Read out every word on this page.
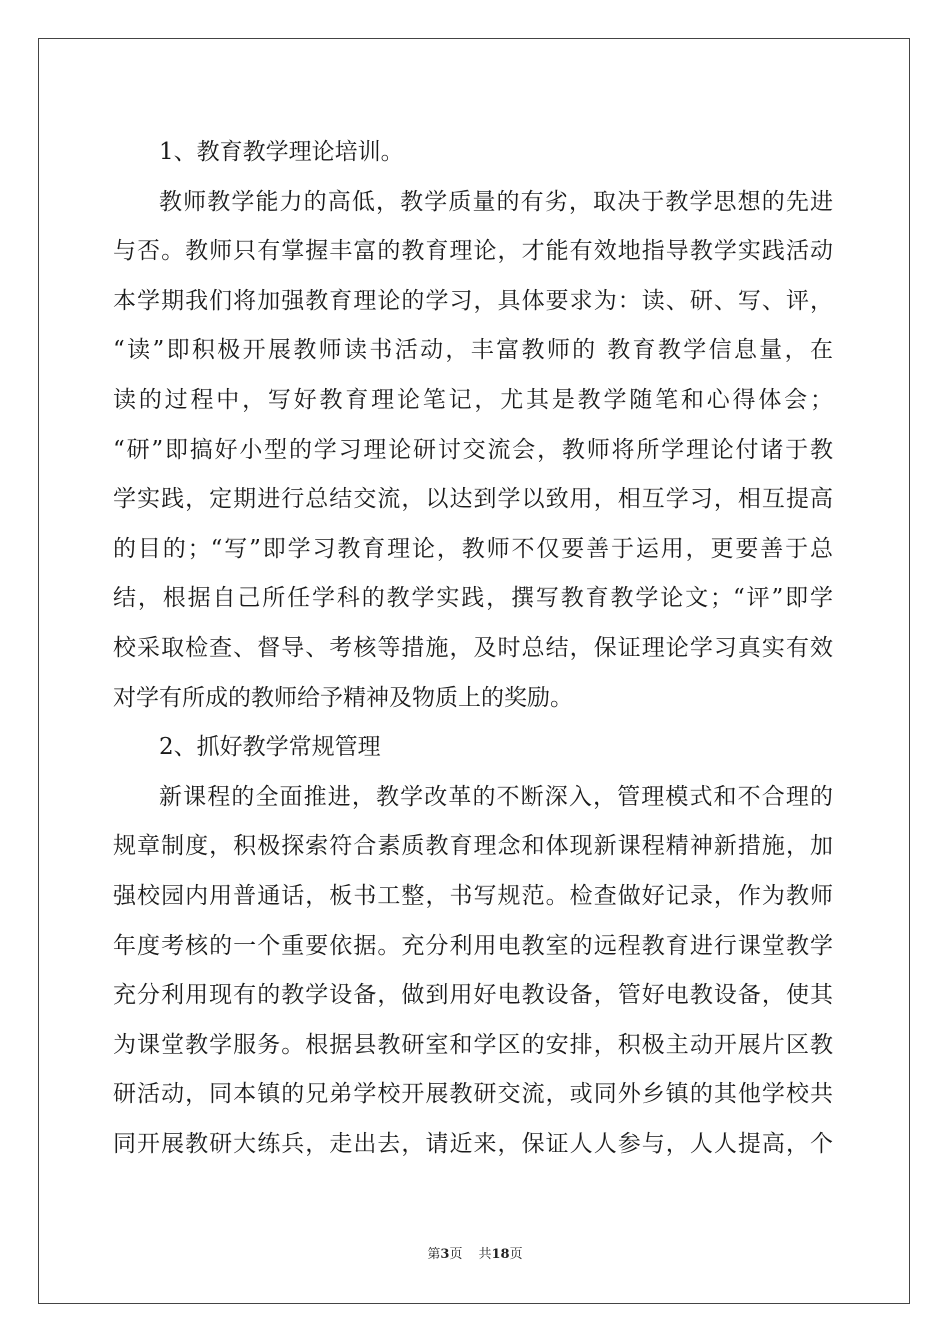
1、教育教学理论培训。
教师教学能力的高低，教学质量的有劣，取决于教学思想的先进
与否。教师只有掌握丰富的教育理论，才能有效地指导教学实践活动
本学期我们将加强教育理论的学习，具体要求为：读、研、写、评，
“读”即积极开展教师读书活动，丰富教师的 教育教学信息量，在
读的过程中，写好教育理论笔记，尤其是教学随笔和心得体会；
“研”即搞好小型的学习理论研讨交流会，教师将所学理论付诸于教
学实践，定期进行总结交流，以达到学以致用，相互学习，相互提高
的目的；“写”即学习教育理论，教师不仅要善于运用，更要善于总
结，根据自己所任学科的教学实践，撰写教育教学论文；“评”即学
校采取检查、督导、考核等措施，及时总结，保证理论学习真实有效
对学有所成的教师给予精神及物质上的奖励。
2、抓好教学常规管理
新课程的全面推进，教学改革的不断深入，管理模式和不合理的
规章制度，积极探索符合素质教育理念和体现新课程精神新措施，加
强校园内用普通话，板书工整，书写规范。检查做好记录，作为教师
年度考核的一个重要依据。充分利用电教室的远程教育进行课堂教学
充分利用现有的教学设备，做到用好电教设备，管好电教设备，使其
为课堂教学服务。根据县教研室和学区的安排，积极主动开展片区教
研活动，同本镇的兄弟学校开展教研交流，或同外乡镇的其他学校共
同开展教研大练兵，走出去，请近来，保证人人参与，人人提高，个
第3页 共18页
